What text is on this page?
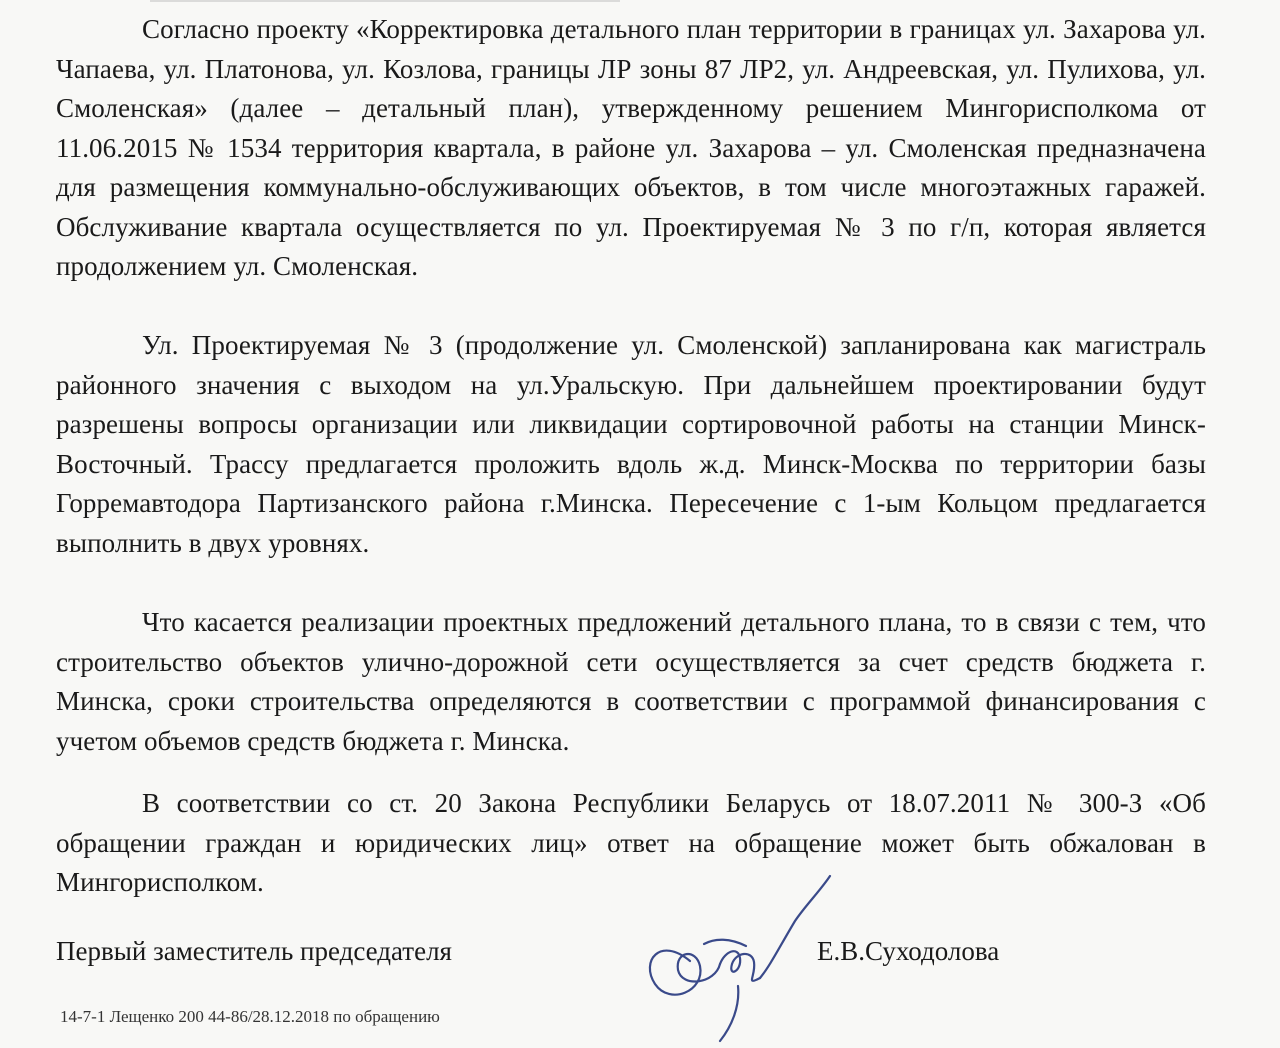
Согласно проекту «Корректировка детального план территории в границах ул. Захарова ул. Чапаева, ул. Платонова, ул. Козлова, границы ЛР зоны 87 ЛР2, ул. Андреевская, ул. Пулихова, ул. Смоленская» (далее – детальный план), утвержденному решением Мингорисполкома от 11.06.2015 № 1534 территория квартала, в районе ул. Захарова – ул. Смоленская предназначена для размещения коммунально-обслуживающих объектов, в том числе многоэтажных гаражей. Обслуживание квартала осуществляется по ул. Проектируемая № 3 по г/п, которая является продолжением ул. Смоленская.

Ул. Проектируемая № 3 (продолжение ул. Смоленской) запланирована как магистраль районного значения с выходом на ул.Уральскую. При дальнейшем проектировании будут разрешены вопросы организации или ликвидации сортировочной работы на станции Минск-Восточный. Трассу предлагается проложить вдоль ж.д. Минск-Москва по территории базы Горремавтодора Партизанского района г.Минска. Пересечение с 1-ым Кольцом предлагается выполнить в двух уровнях.

Что касается реализации проектных предложений детального плана, то в связи с тем, что строительство объектов улично-дорожной сети осуществляется за счет средств бюджета г. Минска, сроки строительства определяются в соответствии с программой финансирования с учетом объемов средств бюджета г. Минска.

В соответствии со ст. 20 Закона Республики Беларусь от 18.07.2011 № 300-З «Об обращении граждан и юридических лиц» ответ на обращение может быть обжалован в Мингорисполком.

Первый заместитель председателя	Е.В.Суходолова
14-7-1 Лещенко 200 44-86/28.12.2018 по обращению
